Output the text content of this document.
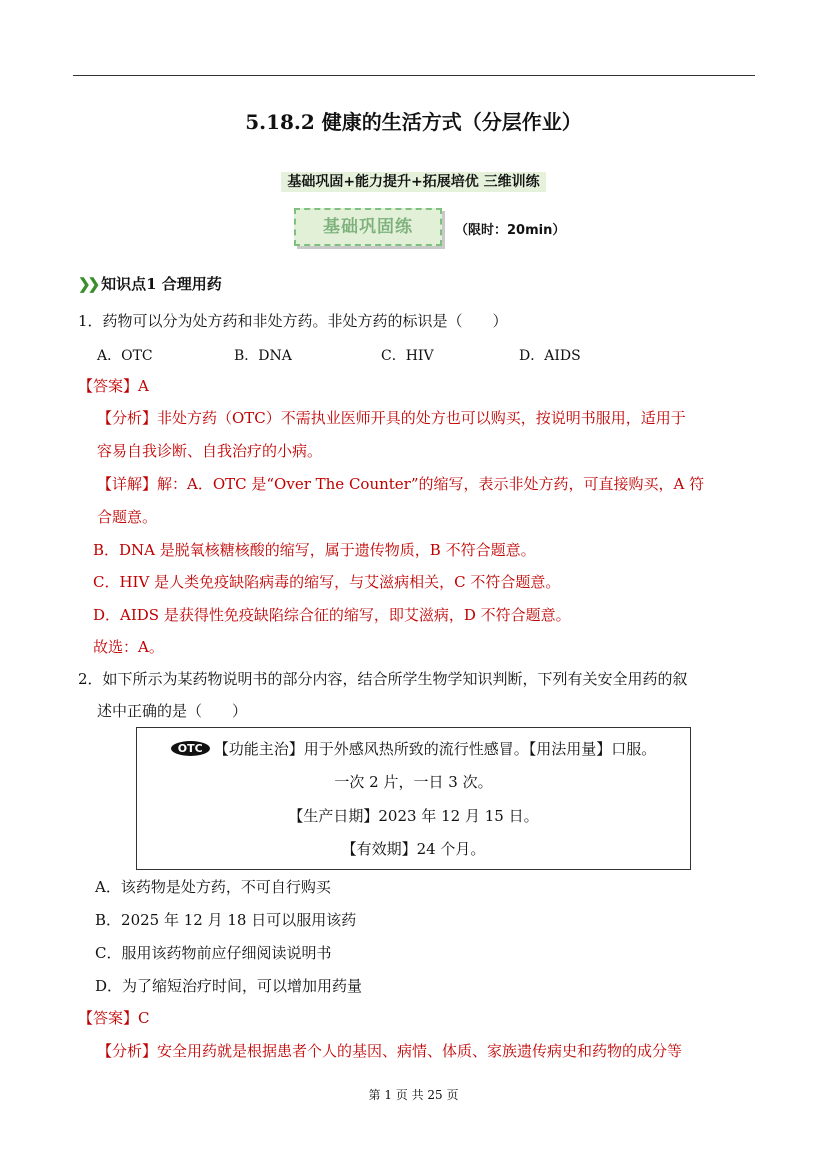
5.18.2 健康的生活方式（分层作业）
基础巩固+能力提升+拓展培优 三维训练
基础巩固练	（限时：20min）
❯❯ 知识点1 合理用药
1．药物可以分为处方药和非处方药。非处方药的标识是（　　）
A．OTC	B．DNA	C．HIV	D．AIDS
【答案】A
【分析】非处方药（OTC）不需执业医师开具的处方也可以购买，按说明书服用，适用于
容易自我诊断、自我治疗的小病。
【详解】解：A．OTC 是“Over The Counter”的缩写，表示非处方药，可直接购买，A 符
合题意。
B．DNA 是脱氧核糖核酸的缩写，属于遗传物质，B 不符合题意。
C．HIV 是人类免疫缺陷病毒的缩写，与艾滋病相关，C 不符合题意。
D．AIDS 是获得性免疫缺陷综合征的缩写，即艾滋病，D 不符合题意。
故选：A。
2．如下所示为某药物说明书的部分内容，结合所学生物学知识判断，下列有关安全用药的叙
述中正确的是（　　）
OTC 【功能主治】用于外感风热所致的流行性感冒。【用法用量】口服。
一次 2 片，一日 3 次。
【生产日期】2023 年 12 月 15 日。
【有效期】24 个月。
A．该药物是处方药，不可自行购买
B．2025 年 12 月 18 日可以服用该药
C．服用该药物前应仔细阅读说明书
D．为了缩短治疗时间，可以增加用药量
【答案】C
【分析】安全用药就是根据患者个人的基因、病情、体质、家族遗传病史和药物的成分等
第 1 页 共 25 页
